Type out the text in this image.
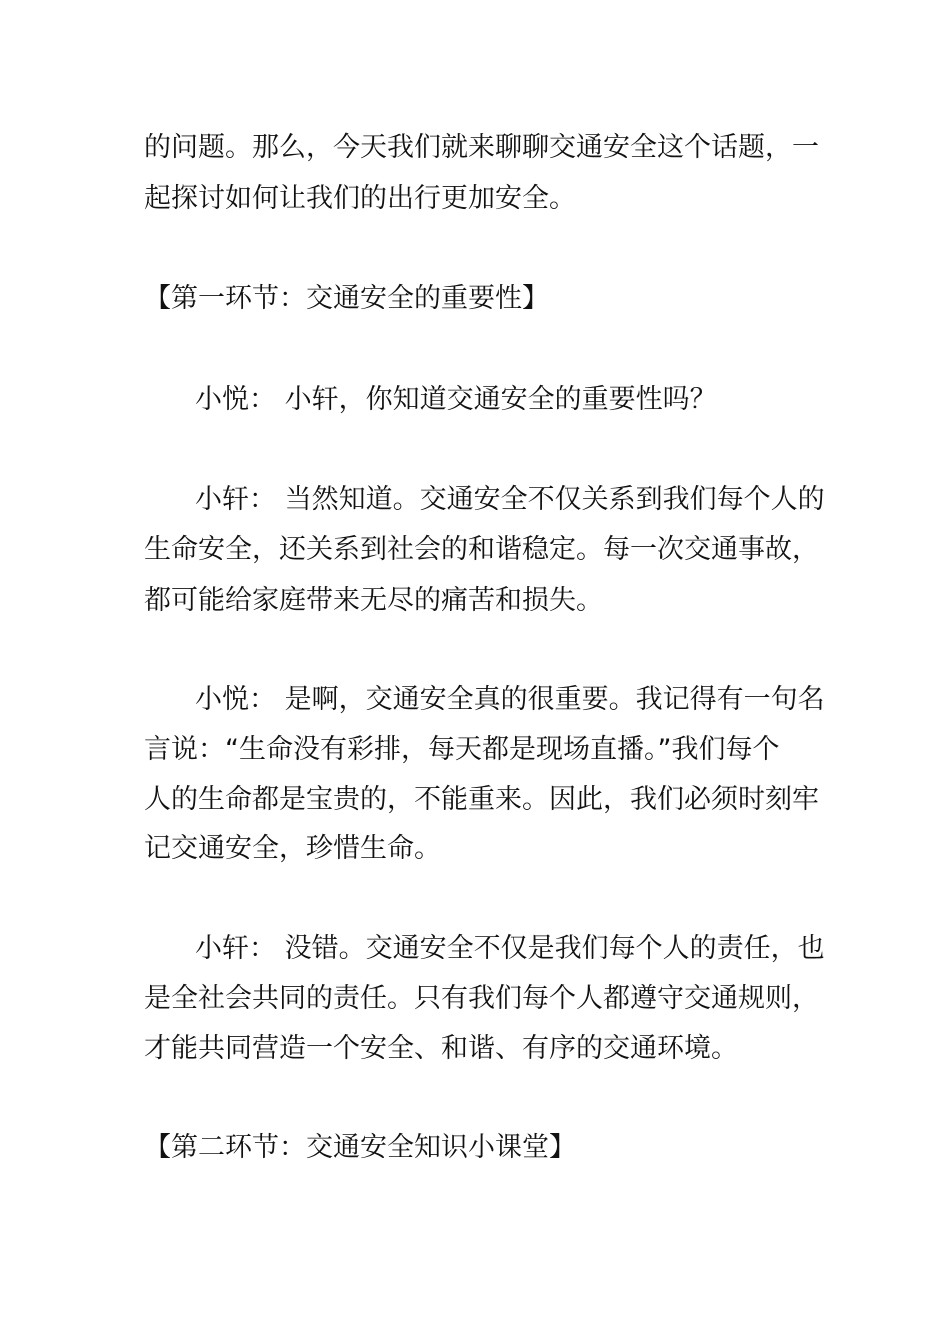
的问题。那么，今天我们就来聊聊交通安全这个话题，一
起探讨如何让我们的出行更加安全。
【第一环节：交通安全的重要性】
小悦： 小轩，你知道交通安全的重要性吗？
小轩： 当然知道。交通安全不仅关系到我们每个人的
生命安全，还关系到社会的和谐稳定。每一次交通事故，
都可能给家庭带来无尽的痛苦和损失。
小悦： 是啊，交通安全真的很重要。我记得有一句名
言说：“生命没有彩排，每天都是现场直播。”我们每个
人的生命都是宝贵的，不能重来。因此，我们必须时刻牢
记交通安全，珍惜生命。
小轩： 没错。交通安全不仅是我们每个人的责任，也
是全社会共同的责任。只有我们每个人都遵守交通规则，
才能共同营造一个安全、和谐、有序的交通环境。
【第二环节：交通安全知识小课堂】
